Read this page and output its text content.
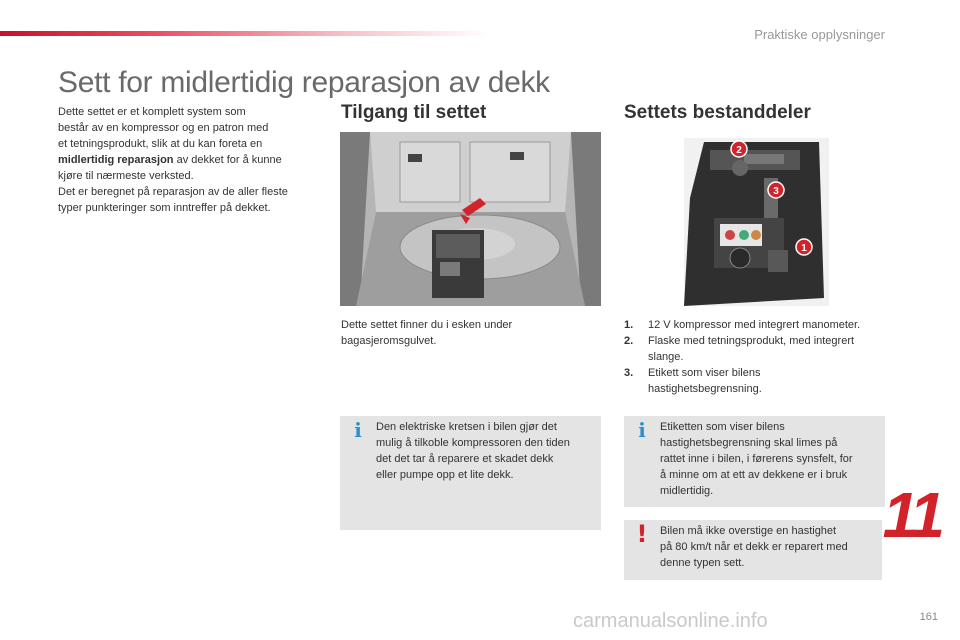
Praktiske opplysninger
Sett for midlertidig reparasjon av dekk
Dette settet er et komplett system som
består av en kompressor og en patron med
et tetningsprodukt, slik at du kan foreta en
midlertidig reparasjon av dekket for å kunne
kjøre til nærmeste verksted.
Det er beregnet på reparasjon av de aller fleste
typer punkteringer som inntreffer på dekket.
Tilgang til settet	Settets bestanddeler
2
3
1
Dette settet finner du i esken under
bagasjeromsgulvet.
1. 12 V kompressor med integrert manometer.
2. Flaske med tetningsprodukt, med integrert
slange.
3. Etikett som viser bilens
hastighetsbegrensning.
i Den elektriske kretsen i bilen gjør det
mulig å tilkoble kompressoren den tiden
det det tar å reparere et skadet dekk
eller pumpe opp et lite dekk.
i Etiketten som viser bilens
hastighetsbegrensning skal limes på
rattet inne i bilen, i førerens synsfelt, for
å minne om at ett av dekkene er i bruk
midlertidig.
! Bilen må ikke overstige en hastighet
på 80 km/t når et dekk er reparert med
denne typen sett.
11
carmanualsonline.info	161
